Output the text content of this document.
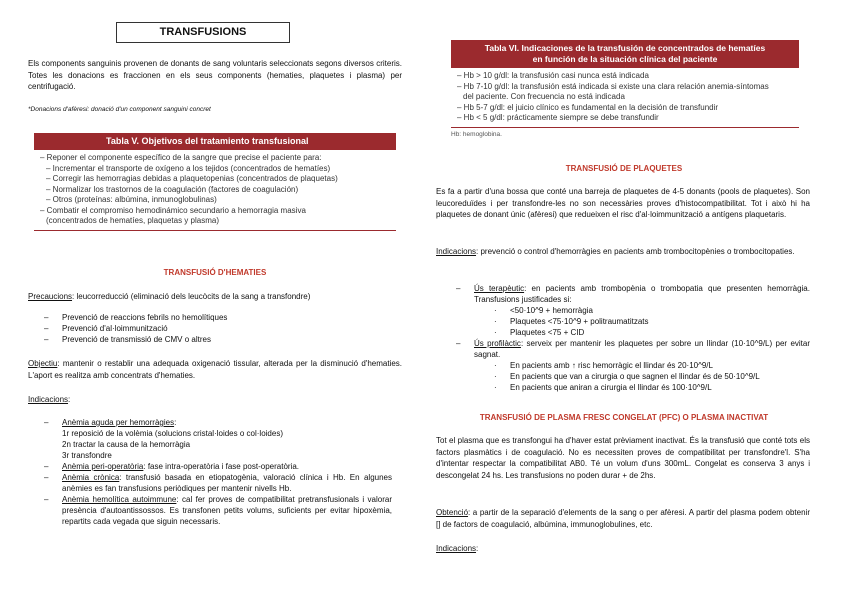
TRANSFUSIONS

Els components sanguinis provenen de donants de sang voluntaris seleccionats segons diversos criteris. Totes les donacions es fraccionen en els seus components (hematies, plaquetes i plasma) per centrifugació.

*Donacions d'afèresi: donació d'un component sanguini concret

Tabla V. Objetivos del tratamiento transfusional
– Reponer el componente específico de la sangre que precise el paciente para:
– Incrementar el transporte de oxígeno a los tejidos (concentrados de hematíes)
– Corregir las hemorragias debidas a plaquetopenias (concentrados de plaquetas)
– Normalizar los trastornos de la coagulación (factores de coagulación)
– Otros (proteínas: albúmina, inmunoglobulinas)
– Combatir el compromiso hemodinámico secundario a hemorragia masiva
(concentrados de hematíes, plaquetas y plasma)
TRANSFUSIÓ D'HEMATIES

Precaucions: leucorreducció (eliminació dels leucòcits de la sang a transfondre)

– Prevenció de reaccions febrils no hemolítiques
– Prevenció d'al·loimmunització
– Prevenció de transmissió de CMV o altres

Objectiu: mantenir o restablir una adequada oxigenació tissular, alterada per la disminució d'hematies. L'aport es realitza amb concentrats d'hematies.

Indicacions:

– Anèmia aguda per hemorràgies:
1r reposició de la volèmia (solucions cristal·loides o col·loides)
2n tractar la causa de la hemorràgia
3r transfondre
– Anèmia peri-operatòria: fase intra-operatòria i fase post-operatòria.
–	Anèmia crònica: transfusió basada en etiopatogènia, valoració clínica i Hb. En algunes anèmies es fan transfusions periòdiques per mantenir nivells Hb.
–	Anèmia hemolítica autoimmune: cal fer proves de compatibilitat pretransfusionals i valorar presència d'autoantissossos. Es transfonen petits volums, suficients per evitar hipoxèmia, repartits cada vegada que siguin necessaris.
Tabla VI. Indicaciones de la transfusión de concentrados de hematíes
en función de la situación clínica del paciente
– Hb > 10 g/dl: la transfusión casi nunca está indicada
– Hb 7-10 g/dl: la transfusión está indicada si existe una clara relación anemia-síntomas
del paciente. Con frecuencia no está indicada
– Hb 5-7 g/dl: el juicio clínico es fundamental en la decisión de transfundir
– Hb < 5 g/dl: prácticamente siempre se debe transfundir
Hb: hemoglobina.
TRANSFUSIÓ DE PLAQUETES

Es fa a partir d'una bossa que conté una barreja de plaquetes de 4-5 donants (pools de plaquetes). Son leucoreduïdes i per transfondre-les no son necessàries proves d'histocompatibilitat. Tot i això hi ha plaquetes de donant únic (afèresi) que redueixen el risc d'al·loimmunització a antígens plaquetaris.

Indicacions: prevenció o control d'hemorràgies en pacients amb trombocitopènies o trombocitopaties.

–	Ús terapèutic: en pacients amb trombopènia o trombopatia que presenten hemorràgia. Transfusions justificades si:
· <50·10^9 + hemorràgia
· Plaquetes <75·10^9 + politraumatitzats
· Plaquetes <75 + CID
–	Ús profilàctic: serveix per mantenir les plaquetes per sobre un llindar (10·10^9/L) per evitar sagnat.
· En pacients amb ↑ risc hemorràgic el llindar és 20·10^9/L
· En pacients que van a cirurgia o que sagnen el llindar és de 50·10^9/L
· En pacients que aniran a cirurgia el llindar és 100·10^9/L
TRANSFUSIÓ DE PLASMA FRESC CONGELAT (PFC) O PLASMA INACTIVAT

Tot el plasma que es transfongui ha d'haver estat prèviament inactivat. És la transfusió que conté tots els factors plasmàtics i de coagulació. No es necessiten proves de compatibilitat per transfondre'l. S'ha d'intentar respectar la compatibilitat AB0. Té un volum d'uns 300mL. Congelat es conserva 3 anys i descongelat 24 hs. Les transfusions no poden durar + de 2hs.

Obtenció: a partir de la separació d'elements de la sang o per afèresi. A partir del plasma podem obtenir [] de factors de coagulació, albúmina, immunoglobulines, etc.

Indicacions:
